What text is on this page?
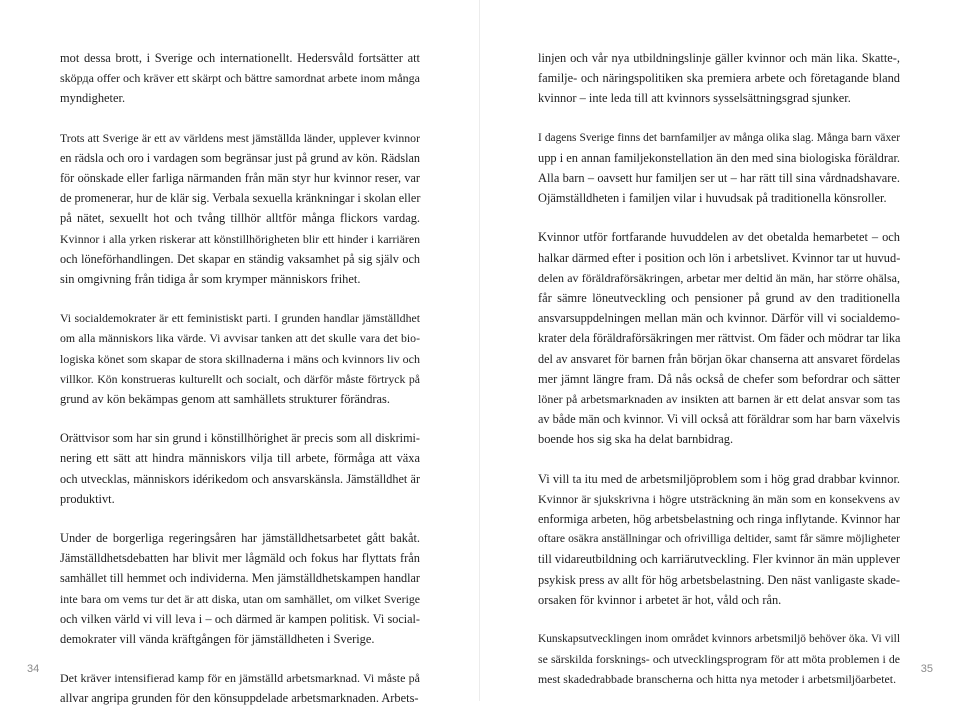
mot dessa brott, i Sverige och internationellt. Hedersvåld fortsätter att
sköрда offer och kräver ett skärpt och bättre samordnat arbete inom många
myndigheter.

Trots att Sverige är ett av världens mest jämställda länder, upplever kvinnor
en rädsla och oro i vardagen som begränsar just på grund av kön. Rädslan
för oönskade eller farliga närmanden från män styr hur kvinnor reser, var
de promenerar, hur de klär sig. Verbala sexuella kränkningar i skolan eller
på nätet, sexuellt hot och tvång tillhör alltför många flickors vardag.
Kvinnor i alla yrken riskerar att könstillhörigheten blir ett hinder i karriären
och löneförhandlingen. Det skapar en ständig vaksamhet på sig själv och
sin omgivning från tidiga år som krymper människors frihet.

Vi socialdemokrater är ett feministiskt parti. I grunden handlar jämställdhet
om alla människors lika värde. Vi avvisar tanken att det skulle vara det bio-
logiska könet som skapar de stora skillnaderna i mäns och kvinnors liv och
villkor. Kön konstrueras kulturellt och socialt, och därför måste förtryck på
grund av kön bekämpas genom att samhällets strukturer förändras.

Orättvisor som har sin grund i könstillhörighet är precis som all diskrimi-
nering ett sätt att hindra människors vilja till arbete, förmåga att växa
och utvecklas, människors idérikedom och ansvarskänsla. Jämställdhet är
produktivt.

Under de borgerliga regeringsåren har jämställdhetsarbetet gått bakåt.
Jämställdhetsdebatten har blivit mer lågmäld och fokus har flyttats från
samhället till hemmet och individerna. Men jämställdhetskampen handlar
inte bara om vems tur det är att diska, utan om samhället, om vilket Sverige
och vilken värld vi vill leva i – och därmed är kampen politisk. Vi social-
demokrater vill vända kräftgången för jämställdheten i Sverige.

Det kräver intensifierad kamp för en jämställd arbetsmarknad. Vi måste på
allvar angripa grunden för den könsuppdelade arbetsmarknaden. Arbets-

34

linjen och vår nya utbildningslinje gäller kvinnor och män lika. Skatte-,
familje- och näringspolitiken ska premiera arbete och företagande bland
kvinnor – inte leda till att kvinnors sysselsättningsgrad sjunker.

I dagens Sverige finns det barnfamiljer av många olika slag. Många barn växer
upp i en annan familjekonstellation än den med sina biologiska föräldrar.
Alla barn – oavsett hur familjen ser ut – har rätt till sina vårdnadshavare.
Ojämställdheten i familjen vilar i huvudsak på traditionella könsroller.

Kvinnor utför fortfarande huvuddelen av det obetalda hemarbetet – och
halkar därmed efter i position och lön i arbetslivet. Kvinnor tar ut huvud-
delen av föräldraförsäkringen, arbetar mer deltid än män, har större ohälsa,
får sämre löneutveckling och pensioner på grund av den traditionella
ansvarsuppdelningen mellan män och kvinnor. Därför vill vi socialdemo-
krater dela föräldraförsäkringen mer rättvist. Om fäder och mödrar tar lika
del av ansvaret för barnen från början ökar chanserna att ansvaret fördelas
mer jämnt längre fram. Då nås också de chefer som befordrar och sätter
löner på arbetsmarknaden av insikten att barnen är ett delat ansvar som tas
av både män och kvinnor. Vi vill också att föräldrar som har barn växelvis
boende hos sig ska ha delat barnbidrag.

Vi vill ta itu med de arbetsmiljöproblem som i hög grad drabbar kvinnor.
Kvinnor är sjukskrivna i högre utsträckning än män som en konsekvens av
enformiga arbeten, hög arbetsbelastning och ringa inflytande. Kvinnor har
oftare osäkra anställningar och ofrivilliga deltider, samt får sämre möjligheter
till vidareutbildning och karriärutveckling. Fler kvinnor än män upplever
psykisk press av allt för hög arbetsbelastning. Den näst vanligaste skade-
orsaken för kvinnor i arbetet är hot, våld och rån.

Kunskapsutvecklingen inom området kvinnors arbetsmiljö behöver öka. Vi vill
se särskilda forsknings- och utvecklingsprogram för att möta problemen i de
mest skadedrabbade branscherna och hitta nya metoder i arbetsmiljöarbetet.

35
